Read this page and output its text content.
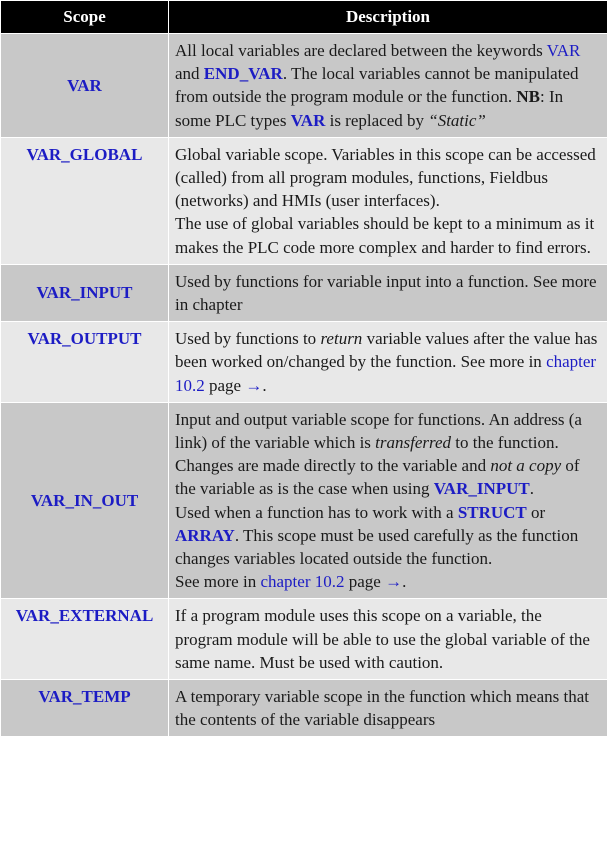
Scope	Description
VAR	All local variables are declared between the keywords VAR and END_VAR. The local variables cannot be manipulated from outside the program module or the function. NB: In some PLC types VAR is replaced by “Static”
VAR_GLOBAL	Global variable scope. Variables in this scope can be accessed (called) from all program modules, functions, Fieldbus (networks) and HMIs (user interfaces).
The use of global variables should be kept to a minimum as it makes the PLC code more complex and harder to find errors.

VAR_INPUT	Used by functions for variable input into a function. See more in chapter
VAR_OUTPUT	Used by functions to return variable values after the value has been worked on/changed by the function. See more in chapter 10.2 page →.
VAR_IN_OUT	Input and output variable scope for functions. An address (a link) of the variable which is transferred to the function. Changes are made directly to the variable and not a copy of the variable as is the case when using VAR_INPUT.
Used when a function has to work with a STRUCT or ARRAY. This scope must be used carefully as the function changes variables located outside the function.
See more in chapter 10.2 page →.

VAR_EXTERNAL	If a program module uses this scope on a variable, the program module will be able to use the global variable of the same name. Must be used with caution.
VAR_TEMP	A temporary variable scope in the function which means that the contents of the variable disappears
